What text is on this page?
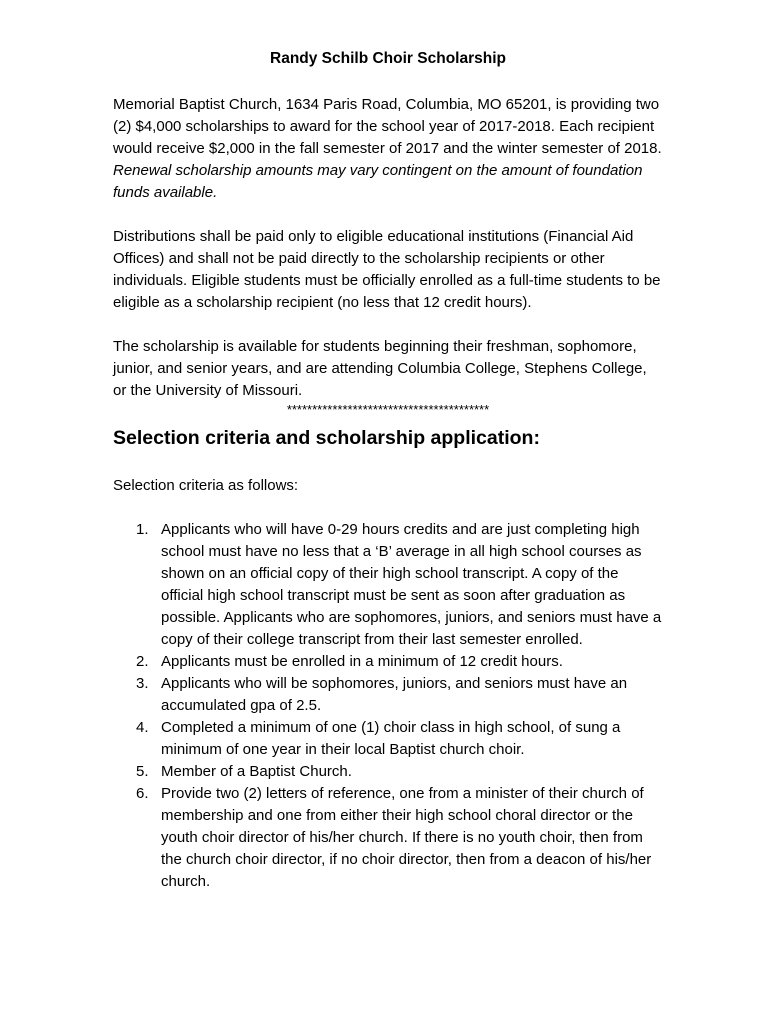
Randy Schilb Choir Scholarship

Memorial Baptist Church, 1634 Paris Road, Columbia, MO 65201, is providing two (2) $4,000 scholarships to award for the school year of 2017-2018. Each recipient would receive $2,000 in the fall semester of 2017 and the winter semester of 2018. Renewal scholarship amounts may vary contingent on the amount of foundation funds available.

Distributions shall be paid only to eligible educational institutions (Financial Aid Offices) and shall not be paid directly to the scholarship recipients or other individuals. Eligible students must be officially enrolled as a full-time students to be eligible as a scholarship recipient (no less that 12 credit hours).

The scholarship is available for students beginning their freshman, sophomore, junior, and senior years, and are attending Columbia College, Stephens College, or the University of Missouri.

****************************************
Selection criteria and scholarship application:
Selection criteria as follows:
1. Applicants who will have 0-29 hours credits and are just completing high school must have no less that a ‘B’ average in all high school courses as shown on an official copy of their high school transcript. A copy of the official high school transcript must be sent as soon after graduation as possible. Applicants who are sophomores, juniors, and seniors must have a copy of their college transcript from their last semester enrolled.
2. Applicants must be enrolled in a minimum of 12 credit hours.
3. Applicants who will be sophomores, juniors, and seniors must have an accumulated gpa of 2.5.
4. Completed a minimum of one (1) choir class in high school, of sung a minimum of one year in their local Baptist church choir.
5. Member of a Baptist Church.
6. Provide two (2) letters of reference, one from a minister of their church of membership and one from either their high school choral director or the youth choir director of his/her church. If there is no youth choir, then from the church choir director, if no choir director, then from a deacon of his/her church.
